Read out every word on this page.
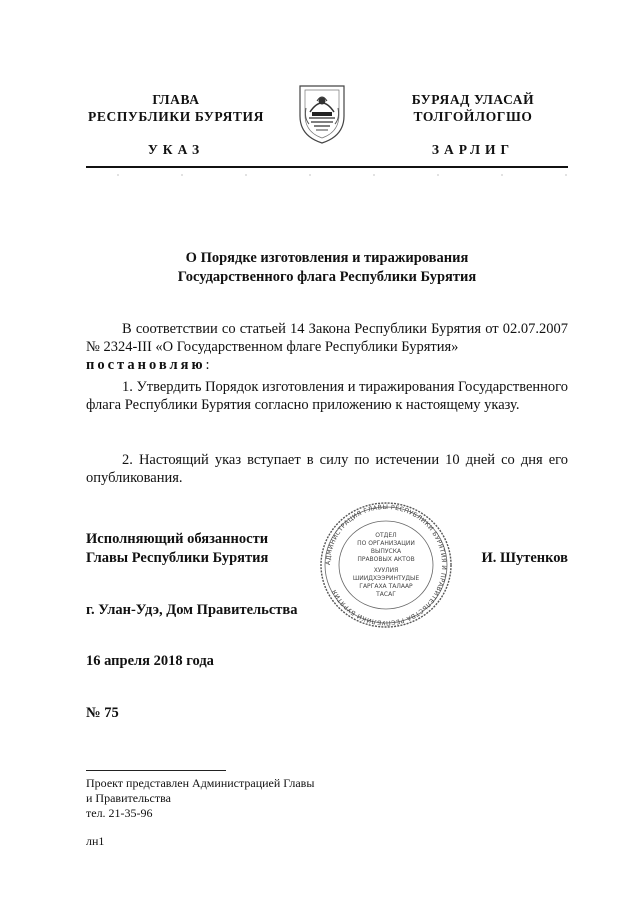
ГЛАВА
РЕСПУБЛИКИ БУРЯТИЯ
БУРЯАД УЛАСАЙ
ТОЛГОЙЛОГШО
УКАЗ	ЗАРЛИГ
О Порядке изготовления и тиражирования
Государственного флага Республики Бурятия
В соответствии со статьей 14 Закона Республики Бурятия от 02.07.2007 № 2324-III «О Государственном флаге Республики Бурятия»
постановляю:
1. Утвердить Порядок изготовления и тиражирования Государственного флага Республики Бурятия согласно приложению к настоящему указу.
2. Настоящий указ вступает в силу по истечении 10 дней со дня его опубликования.
Исполняющий обязанности
Главы Республики Бурятия	И. Шутенков
АДМИНИСТРАЦИЯ ГЛАВЫ РЕСПУБЛИКИ БУРЯТИЯ И ПРАВИТЕЛЬСТВА РЕСПУБЛИКИ БУРЯТИЯ
ОТДЕЛ
ПО ОРГАНИЗАЦИИ
ВЫПУСКА
ПРАВОВЫХ АКТОВ
ХУУЛИЯ
ШИИДХЭЭРИНТУДЫЕ
ГАРГАХА ТАЛААР
ТАСАГ
г. Улан-Удэ, Дом Правительства
16 апреля 2018 года
№ 75
Проект представлен Администрацией Главы
и Правительства
тел. 21-35-96
лн1
